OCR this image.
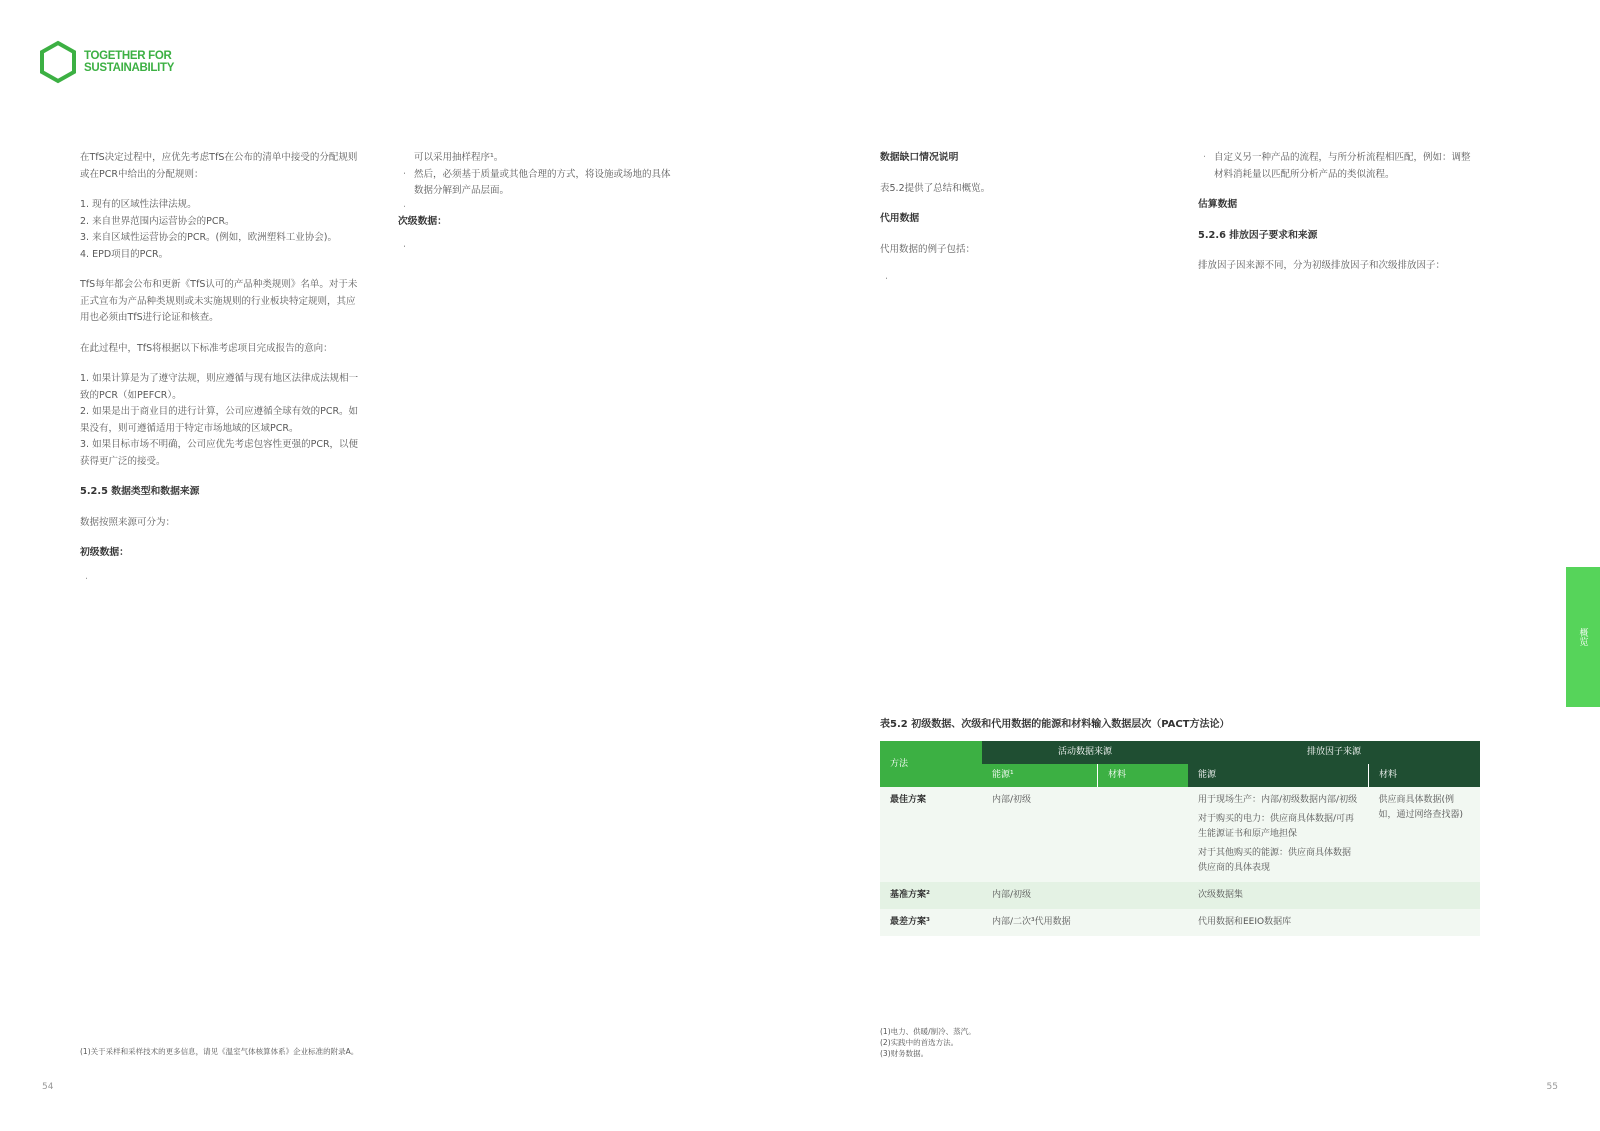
TOGETHER FOR
SUSTAINABILITY

在TfS决定过程中，应优先考虑TfS在公布的清单中接受的分配规则或在PCR中给出的分配规则：

1. 现有的区域性法律法规。
2. 来自世界范围内运营协会的PCR。
3. 来自区域性运营协会的PCR。(例如，欧洲塑料工业协会)。
4. EPD项目的PCR。

TfS每年都会公布和更新《TfS认可的产品种类规则》名单。对于未正式宣布为产品种类规则或未实施规则的行业板块特定规则，其应用也必须由TfS进行论证和核查。

在此过程中，TfS将根据以下标准考虑项目完成报告的意向：

1. 如果计算是为了遵守法规，则应遵循与现有地区法律成法规相一致的PCR（如PEFCR）。
2. 如果是出于商业目的进行计算，公司应遵循全球有效的PCR。如果没有，则可遵循适用于特定市场地域的区域PCR。
3. 如果目标市场不明确，公司应优先考虑包容性更强的PCR，以便获得更广泛的接受。
5.2.5 数据类型和数据来源

数据按照来源可分为：

初级数据：

可以采用抽样程序¹。

· 然后，必须基于质量或其他合理的方式，将设施或场地的具体数据分解到产品层面。

次级数据：
数据缺口情况说明

表5.2提供了总结和概览。

代用数据

代用数据的例子包括：

· 自定义另一种产品的流程，与所分析流程相匹配，例如：调整材料消耗量以匹配所分析产品的类似流程。
估算数据

5.2.6 排放因子要求和来源

排放因子因来源不同，分为初级排放因子和次级排放因子：

表5.2 初级数据、次级和代用数据的能源和材料输入数据层次（PACT方法论）
方法	活动数据来源		排放因子来源	
	能源¹	材料	能源	材料
最佳方案	内部/初级		用于现场生产：内部/初级数据内部/初级
对于购买的电力：供应商具体数据/可再生能源证书和原产地担保
对于其他购买的能源：供应商具体数据供应商的具体表现	供应商具体数据(例如，通过网络查找器)
基准方案²	内部/初级		次级数据集	
最差方案³	内部/二次³代用数据		代用数据和EEIO数据库	
(1)电力、供暖/制冷、蒸汽。
(2)实践中的首选方法。
(3)财务数据。
(1)关于采样和采样技术的更多信息，请见《温室气体核算体系》企业标准的附录A。
54	55
概览
